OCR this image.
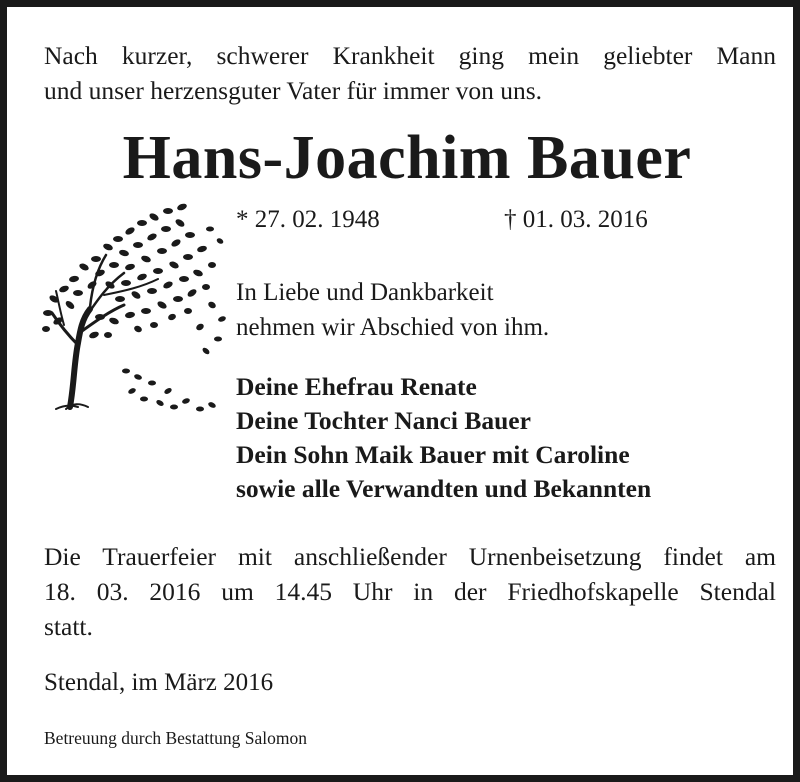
Nach kurzer, schwerer Krankheit ging mein geliebter Mann

und unser herzensguter Vater für immer von uns.

Hans-Joachim Bauer
* 27. 02. 1948	† 01. 03. 2016
In Liebe und Dankbarkeit
nehmen wir Abschied von ihm.
Deine Ehefrau Renate
Deine Tochter Nanci Bauer
Dein Sohn Maik Bauer mit Caroline
sowie alle Verwandten und Bekannten

Die Trauerfeier mit anschließender Urnenbeisetzung findet am

18. 03. 2016 um 14.45 Uhr in der Friedhofskapelle Stendal

statt.

Stendal, im März 2016
Betreuung durch Bestattung Salomon
